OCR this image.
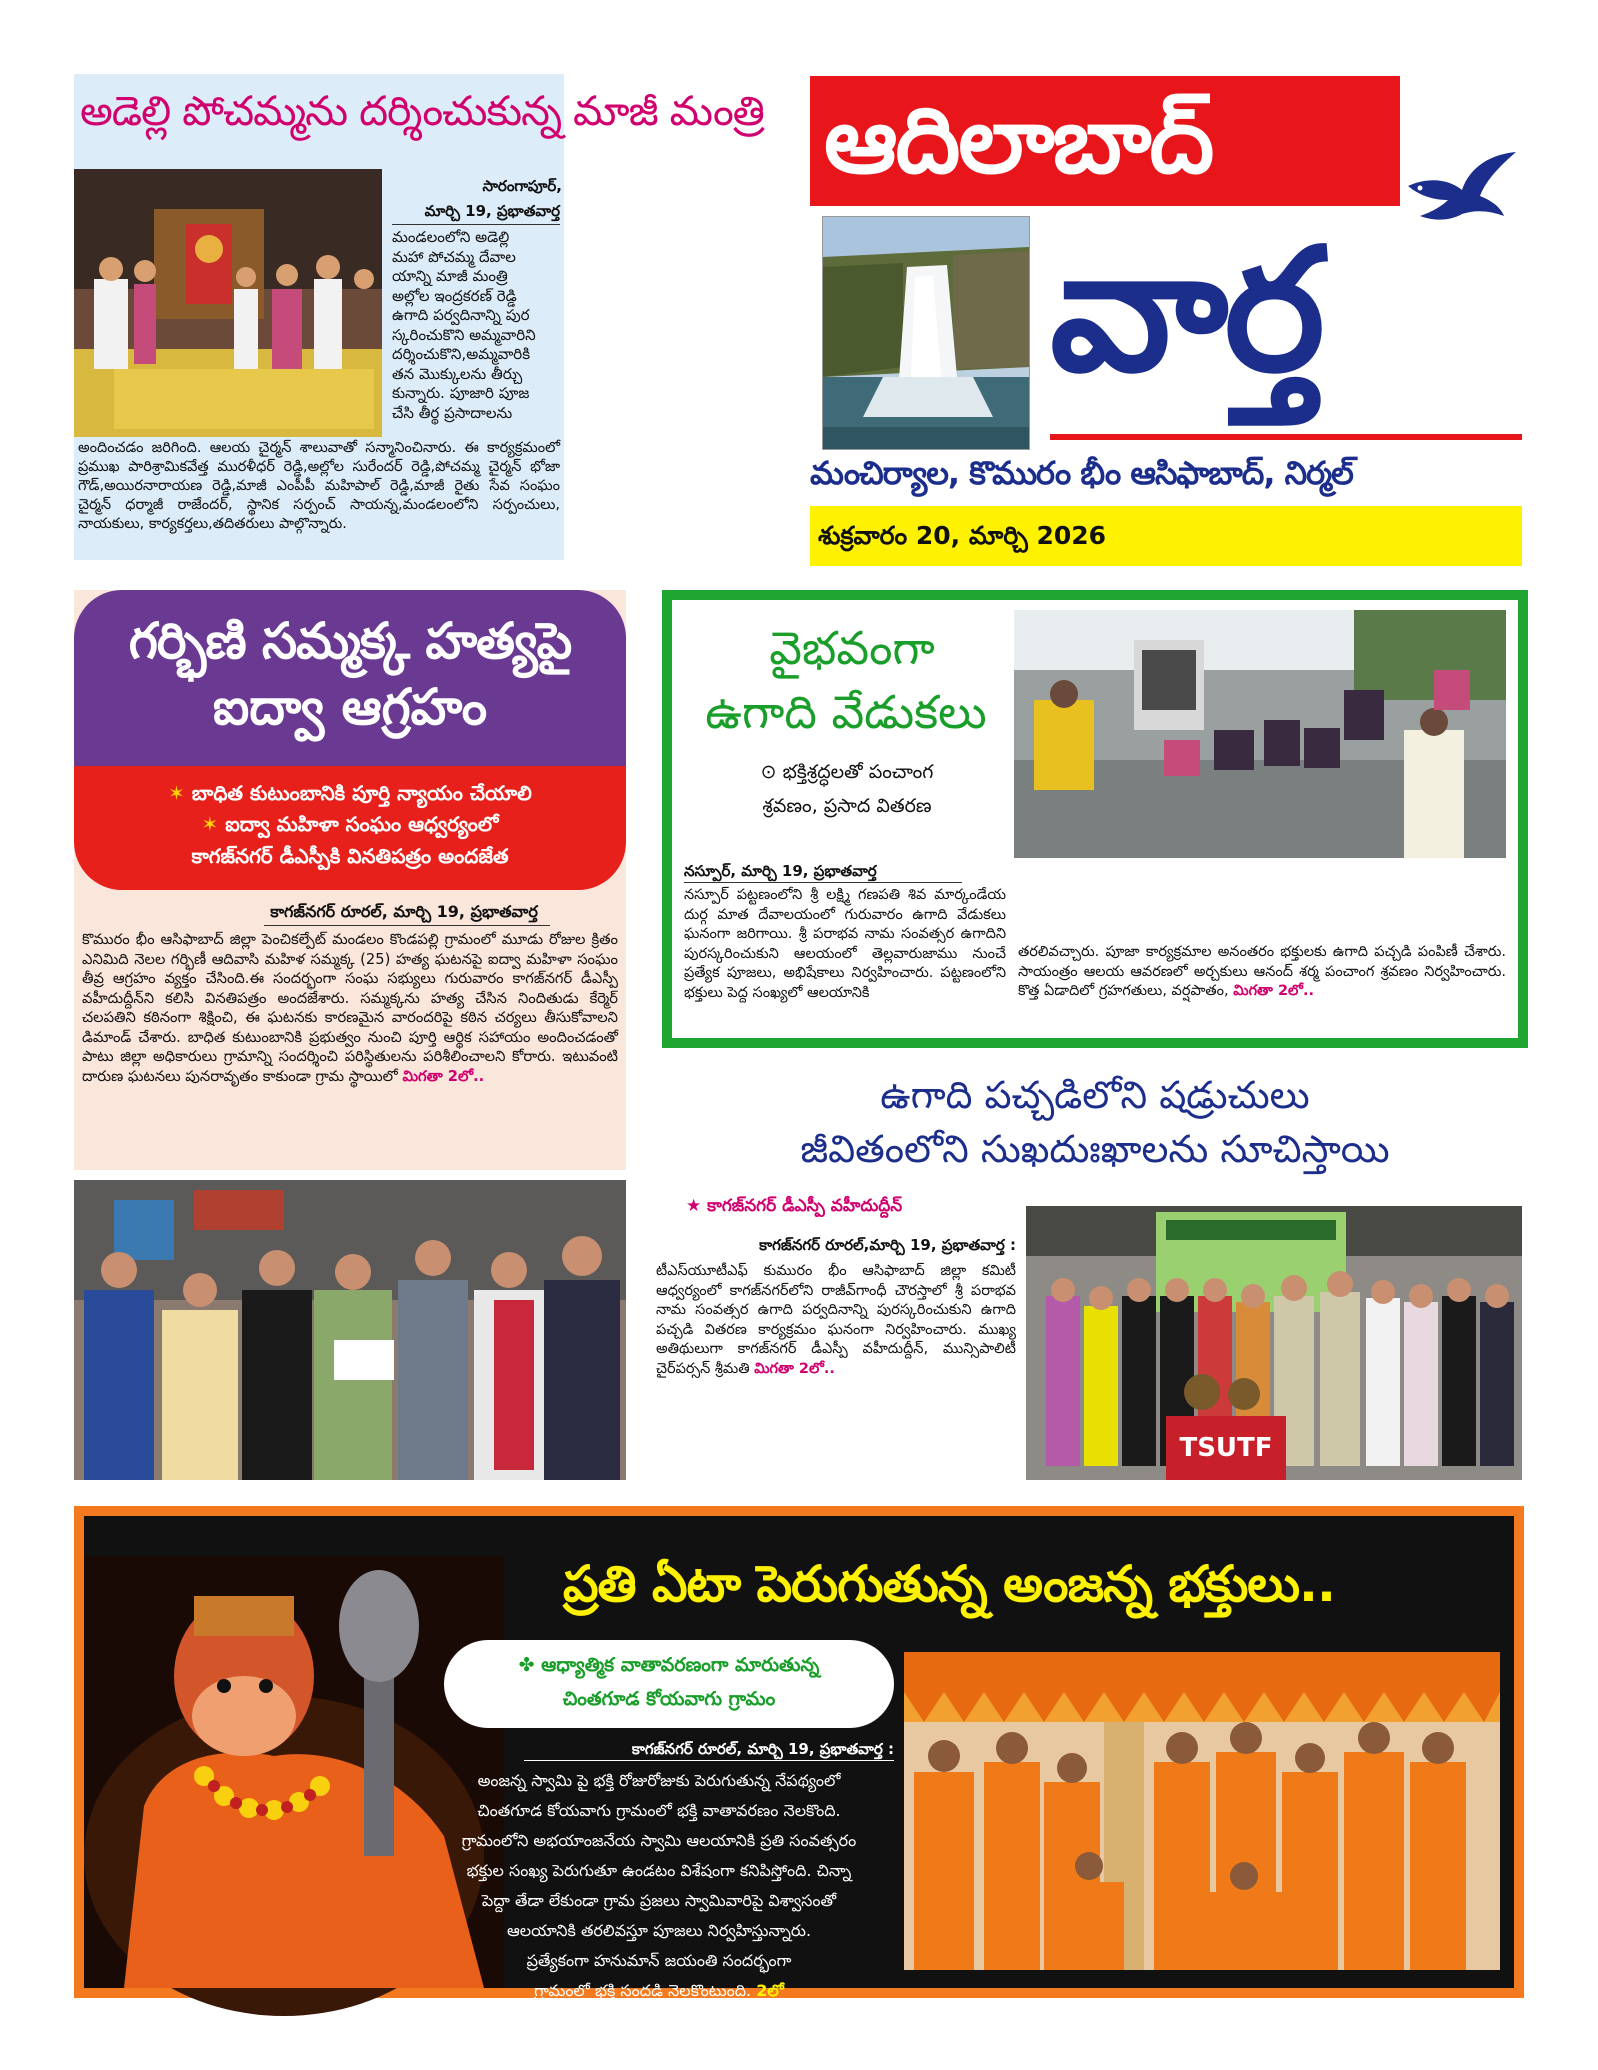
అడెల్లి పోచమ్మను దర్శించుకున్న మాజీ మంత్రి
సారంగాపూర్,
మార్చి 19, ప్రభాతవార్త
మండలంలోని అడెల్లి
మహా పోచమ్మ దేవాల
యాన్ని మాజీ మంత్రి
అల్లోల ఇంద్రకరణ్ రెడ్డి
ఉగాది పర్వదినాన్ని పుర
స్కరించుకొని అమ్మవారిని
దర్శించుకొని,అమ్మవారికి
తన మొక్కులను తీర్చు
కున్నారు. పూజారి పూజ
చేసి తీర్థ ప్రసాదాలను
అందించడం జరిగింది. ఆలయ చైర్మన్ శాలువాతో సన్మానించినారు. ఈ కార్యక్రమంలో ప్రముఖ పారిశ్రామికవేత్త మురళీధర్ రెడ్డి,అల్లోల సురేందర్ రెడ్డి,పోచమ్మ చైర్మన్ భోజా గౌడ్,అయిరనారాయణ రెడ్డి,మాజీ ఎంపీపీ మహిపాల్ రెడ్డి,మాజీ రైతు సేవ సంఘం చైర్మన్ ధర్మాజీ రాజేందర్, స్థానిక సర్పంచ్ సాయన్న,మండలంలోని సర్పంచులు, నాయకులు, కార్యకర్తలు,తదితరులు పాల్గొన్నారు.
ఆదిలాబాద్
వార్త
మంచిర్యాల, కొమురం భీం ఆసిఫాబాద్, నిర్మల్
శుక్రవారం 20, మార్చి 2026
గర్భిణి సమ్మక్క హత్యపై
ఐద్వా ఆగ్రహం
✶ బాధిత కుటుంబానికి పూర్తి న్యాయం చేయాలి
✶ ఐద్వా మహిళా సంఘం ఆధ్వర్యంలో
కాగజ్‌నగర్ డీఎస్పీకి వినతిపత్రం అందజేత
కాగజ్‌నగర్ రూరల్, మార్చి 19, ప్రభాతవార్త
కొమురం భీం ఆసిఫాబాద్ జిల్లా పెంచికల్పేట్ మండలం కొండపల్లి గ్రామంలో మూడు రోజుల క్రితం ఎనిమిది నెలల గర్భిణీ ఆదివాసి మహిళ సమ్మక్క (25) హత్య ఘటనపై ఐద్వా మహిళా సంఘం తీవ్ర ఆగ్రహం వ్యక్తం చేసింది.ఈ సందర్భంగా సంఘ సభ్యులు గురువారం కాగజ్‌నగర్ డీఎస్పీ వహీదుద్దీన్‌ని కలిసి వినతిపత్రం అందజేశారు. సమ్మక్కను హత్య చేసిన నిందితుడు కేర్మెర్ చలపతిని కఠినంగా శిక్షించి, ఈ ఘటనకు కారణమైన వారందరిపై కఠిన చర్యలు తీసుకోవాలని డిమాండ్ చేశారు. బాధిత కుటుంబానికి ప్రభుత్వం నుంచి పూర్తి ఆర్థిక సహాయం అందించడంతో పాటు జిల్లా అధికారులు గ్రామాన్ని సందర్శించి పరిస్థితులను పరిశీలించాలని కోరారు. ఇటువంటి దారుణ ఘటనలు పునరావృతం కాకుండా గ్రామ స్థాయిలో మిగతా 2లో..
వైభవంగా
ఉగాది వేడుకలు
⊙ భక్తిశ్రద్ధలతో పంచాంగ
శ్రవణం, ప్రసాద వితరణ
నస్పూర్, మార్చి 19, ప్రభాతవార్త
నస్పూర్ పట్టణంలోని శ్రీ లక్ష్మి గణపతి శివ మార్కండేయ దుర్గ మాత దేవాలయంలో గురువారం ఉగాది వేడుకలు ఘనంగా జరిగాయి. శ్రీ పరాభవ నామ సంవత్సర ఉగాదిని పురస్కరించుకుని ఆలయంలో తెల్లవారుజాము నుంచే ప్రత్యేక పూజలు, అభిషేకాలు నిర్వహించారు. పట్టణంలోని భక్తులు పెద్ద సంఖ్యలో ఆలయానికి
తరలివచ్చారు. పూజా కార్యక్రమాల అనంతరం భక్తులకు ఉగాది పచ్చడి పంపిణీ చేశారు. సాయంత్రం ఆలయ ఆవరణలో అర్చకులు ఆనంద్ శర్మ పంచాంగ శ్రవణం నిర్వహించారు. కొత్త ఏడాదిలో గ్రహగతులు, వర్షపాతం, మిగతా 2లో..
ఉగాది పచ్చడిలోని షడ్రుచులు
జీవితంలోని సుఖదుఃఖాలను సూచిస్తాయి
★ కాగజ్‌నగర్ డీఎస్పీ వహీదుద్దీన్
కాగజ్‌నగర్ రూరల్,మార్చి 19, ప్రభాతవార్త :
టీఎస్‌యూటీఎఫ్ కుమురం భీం ఆసిఫాబాద్ జిల్లా కమిటీ ఆధ్వర్యంలో కాగజ్‌నగర్‌లోని రాజీవ్‌గాంధీ చౌరస్తాలో శ్రీ పరాభవ నామ సంవత్సర ఉగాది పర్వదినాన్ని పురస్కరించుకుని ఉగాది పచ్చడి వితరణ కార్యక్రమం ఘనంగా నిర్వహించారు. ముఖ్య అతిథులుగా కాగజ్‌నగర్ డీఎస్పీ వహీదుద్దీన్, మున్సిపాలిటీ చైర్‌పర్సన్ శ్రీమతి మిగతా 2లో..
TSUTF
ప్రతి ఏటా పెరుగుతున్న అంజన్న భక్తులు..
✤ ఆధ్యాత్మిక వాతావరణంగా మారుతున్న
చింతగూడ కోయవాగు గ్రామం
కాగజ్‌నగర్ రూరల్, మార్చి 19, ప్రభాతవార్త :
అంజన్న స్వామి పై భక్తి రోజురోజుకు పెరుగుతున్న నేపథ్యంలో
చింతగూడ కోయవాగు గ్రామంలో భక్తి వాతావరణం నెలకొంది.
గ్రామంలోని అభయాంజనేయ స్వామి ఆలయానికి ప్రతి సంవత్సరం
భక్తుల సంఖ్య పెరుగుతూ ఉండటం విశేషంగా కనిపిస్తోంది. చిన్నా
పెద్దా తేడా లేకుండా గ్రామ ప్రజలు స్వామివారిపై విశ్వాసంతో
ఆలయానికి తరలివస్తూ పూజలు నిర్వహిస్తున్నారు.
ప్రత్యేకంగా హనుమాన్ జయంతి సందర్భంగా
గ్రామంలో భక్తి సందడి నెలకొంటుంది. 2లో
